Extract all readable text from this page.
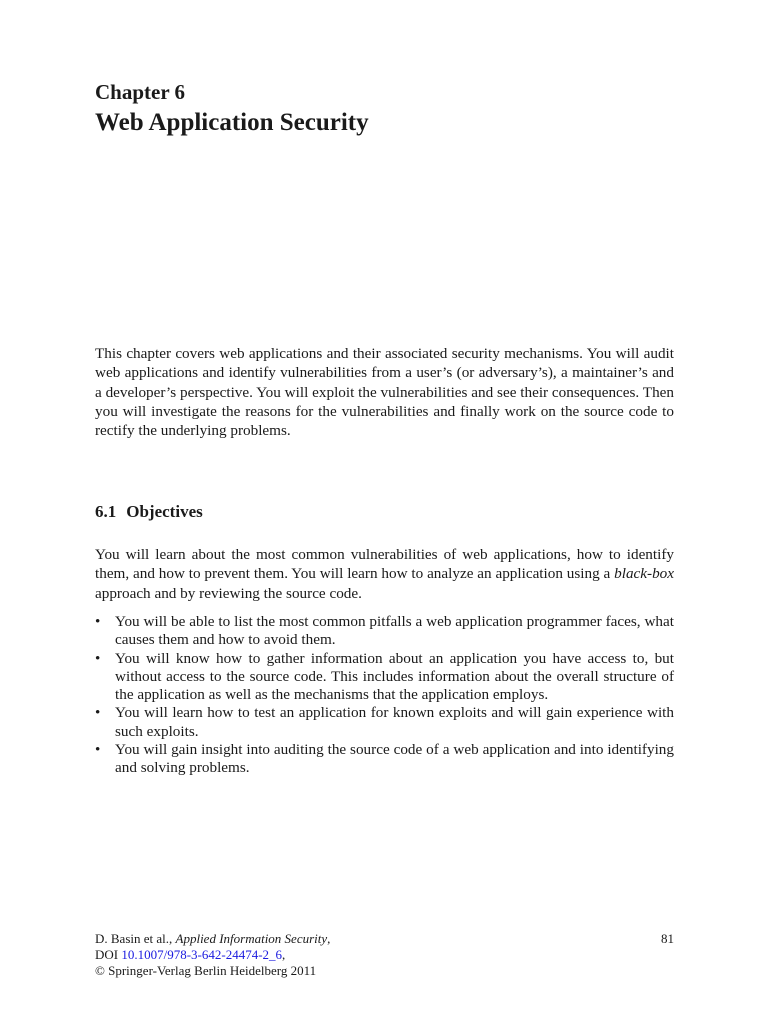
Chapter 6
Web Application Security

This chapter covers web applications and their associated security mechanisms. You will audit web applications and identify vulnerabilities from a user’s (or adversary’s), a maintainer’s and a developer’s perspective. You will exploit the vulnerabilities and see their consequences. Then you will investigate the reasons for the vulnerabilities and finally work on the source code to rectify the underlying problems.

6.1 Objectives

You will learn about the most common vulnerabilities of web applications, how to identify them, and how to prevent them. You will learn how to analyze an application using a black-box approach and by reviewing the source code.

• You will be able to list the most common pitfalls a web application programmer faces, what causes them and how to avoid them.
• You will know how to gather information about an application you have access to, but without access to the source code. This includes information about the overall structure of the application as well as the mechanisms that the application employs.
• You will learn how to test an application for known exploits and will gain experience with such exploits.
• You will gain insight into auditing the source code of a web application and into identifying and solving problems.
D. Basin et al., Applied Information Security,
DOI 10.1007/978-3-642-24474-2_6,
© Springer-Verlag Berlin Heidelberg 2011
81
